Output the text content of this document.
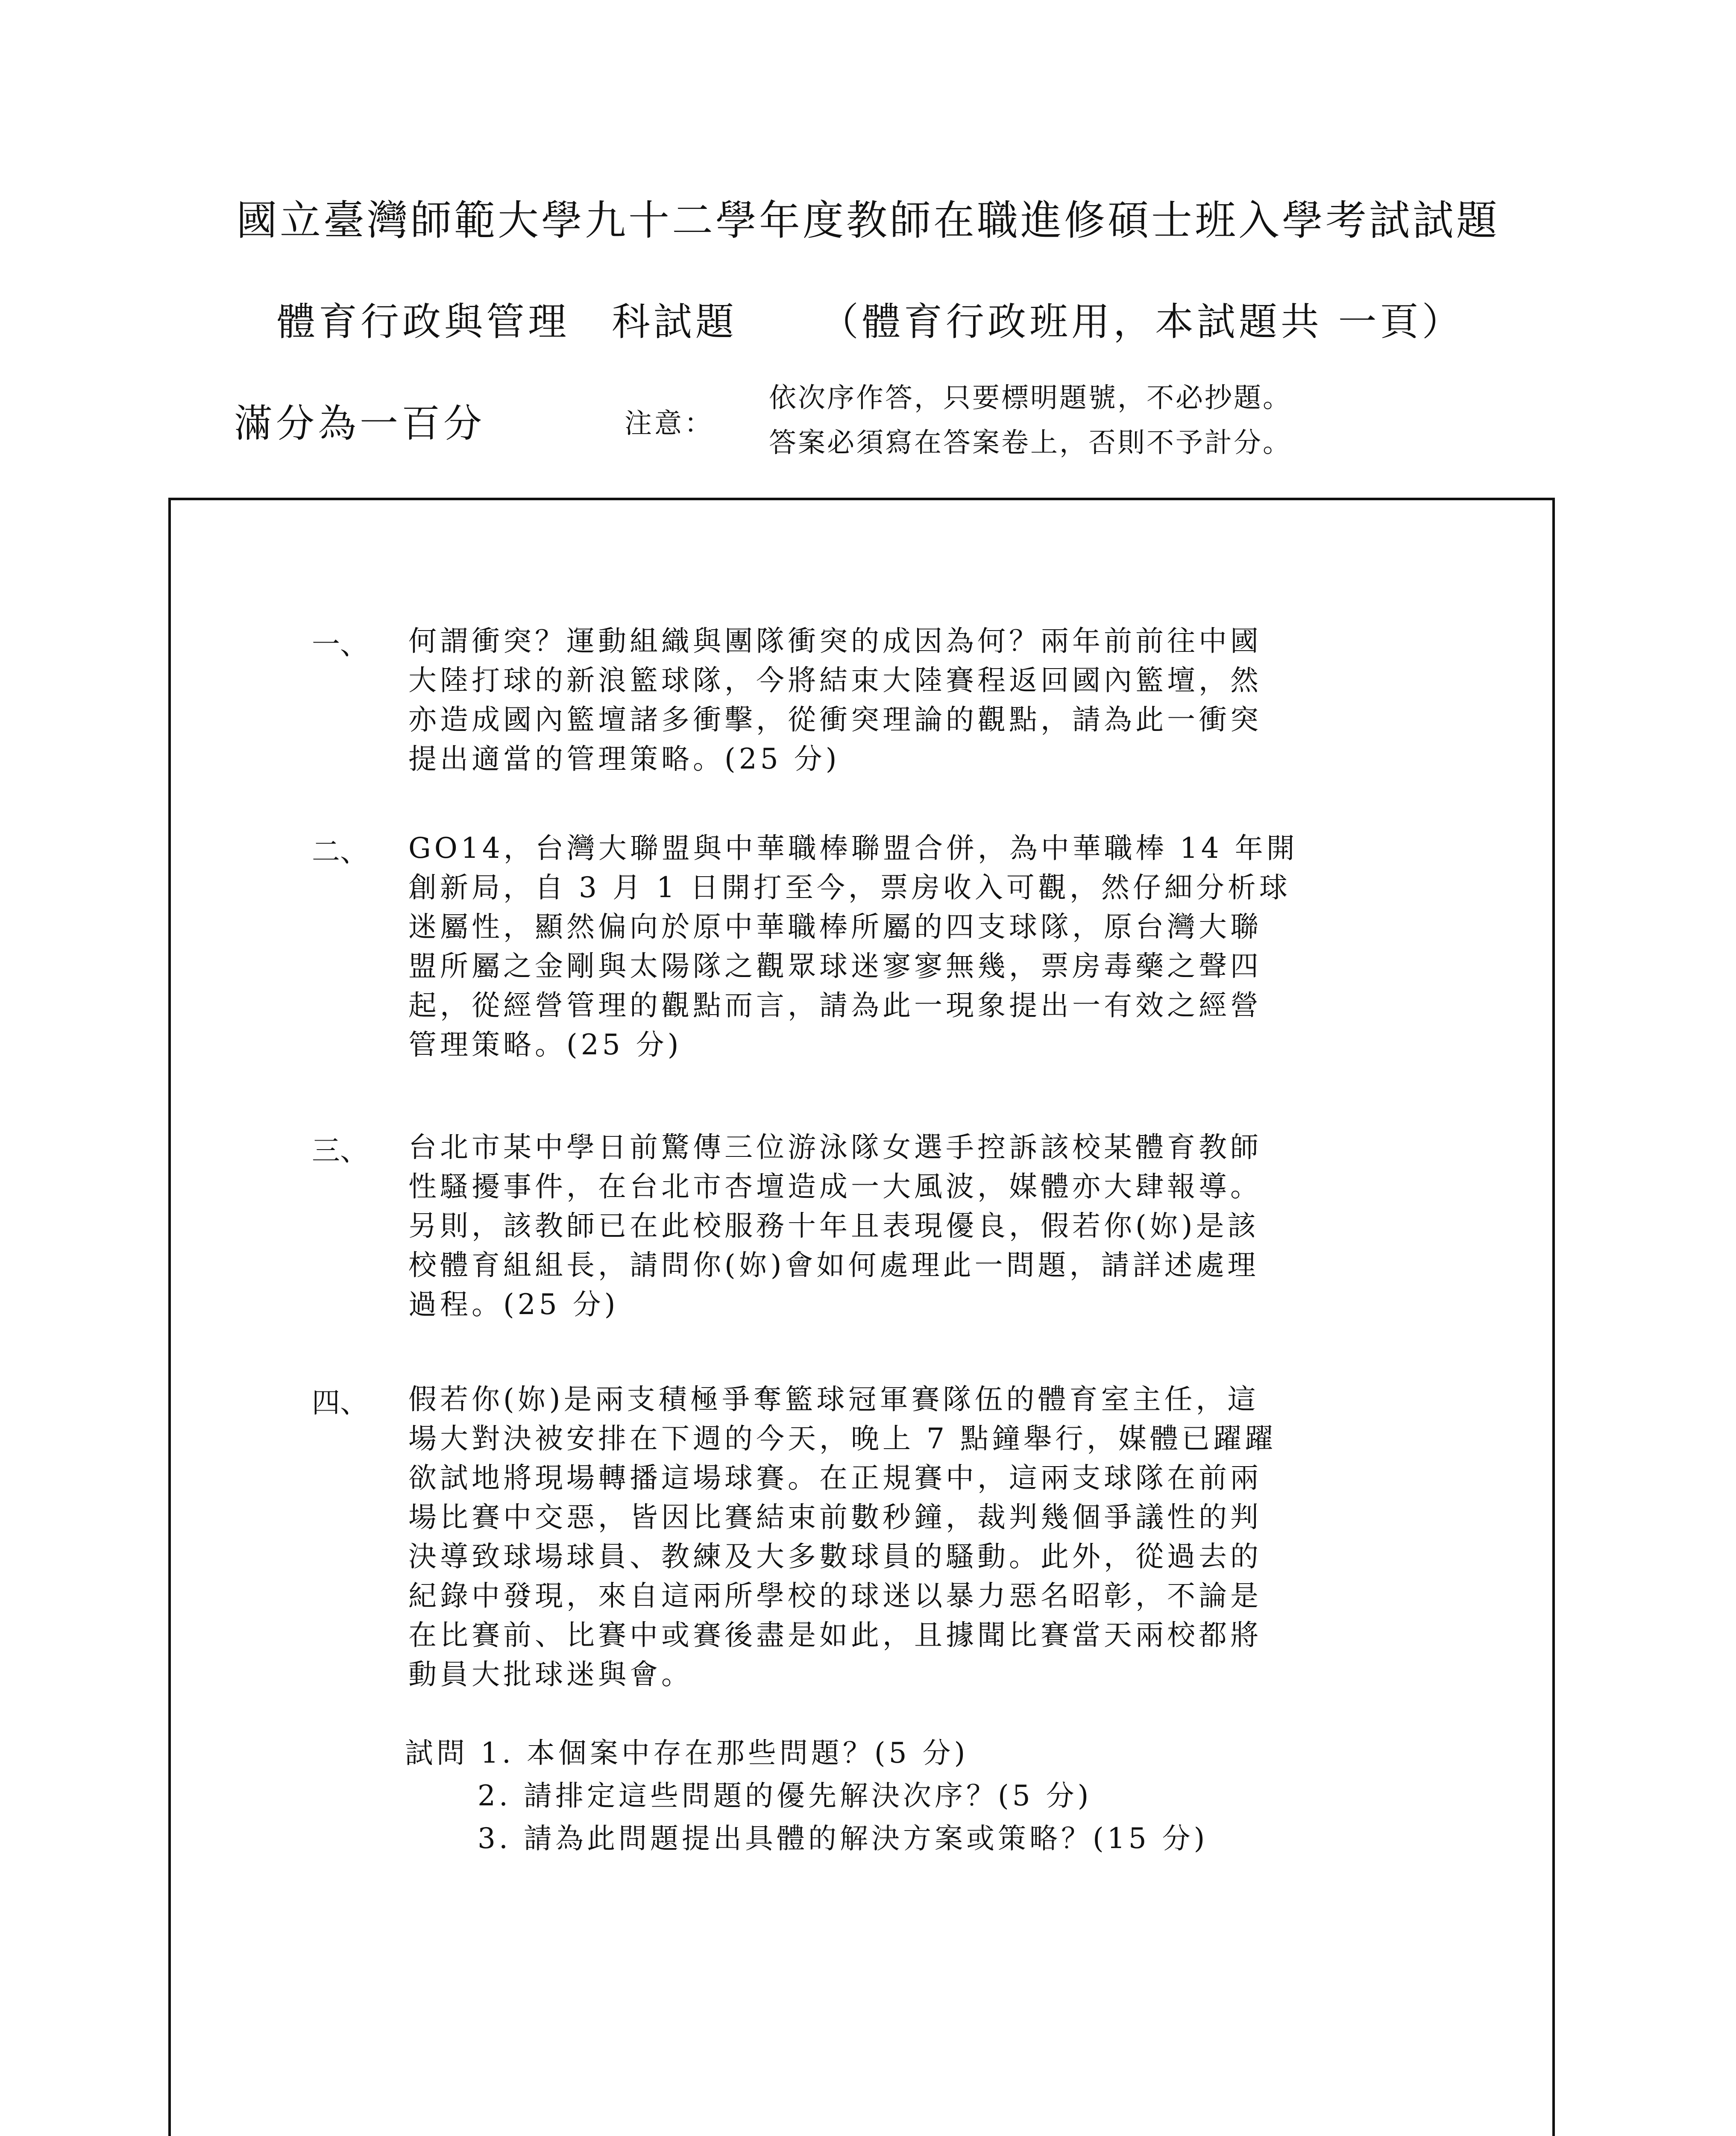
國立臺灣師範大學九十二學年度教師在職進修碩士班入學考試試題
體育行政與管理　科試題 （體育行政班用，本試題共 一頁）
滿分為一百分	注意：
依次序作答，只要標明題號，不必抄題。
答案必須寫在答案卷上，否則不予計分。
一、 何謂衝突？運動組織與團隊衝突的成因為何？兩年前前往中國
大陸打球的新浪籃球隊，今將結束大陸賽程返回國內籃壇，然
亦造成國內籃壇諸多衝擊，從衝突理論的觀點，請為此一衝突
提出適當的管理策略。(25 分)
二、 GO14，台灣大聯盟與中華職棒聯盟合併，為中華職棒 14 年開
創新局，自 3 月 1 日開打至今，票房收入可觀，然仔細分析球
迷屬性，顯然偏向於原中華職棒所屬的四支球隊，原台灣大聯
盟所屬之金剛與太陽隊之觀眾球迷寥寥無幾，票房毒藥之聲四
起，從經營管理的觀點而言，請為此一現象提出一有效之經營
管理策略。(25 分)
三、 台北市某中學日前驚傳三位游泳隊女選手控訴該校某體育教師
性騷擾事件，在台北市杏壇造成一大風波，媒體亦大肆報導。
另則，該教師已在此校服務十年且表現優良，假若你(妳)是該
校體育組組長，請問你(妳)會如何處理此一問題，請詳述處理
過程。(25 分)
四、 假若你(妳)是兩支積極爭奪籃球冠軍賽隊伍的體育室主任，這
場大對決被安排在下週的今天，晚上 7 點鐘舉行，媒體已躍躍
欲試地將現場轉播這場球賽。在正規賽中，這兩支球隊在前兩
場比賽中交惡，皆因比賽結束前數秒鐘，裁判幾個爭議性的判
決導致球場球員、教練及大多數球員的騷動。此外，從過去的
紀錄中發現，來自這兩所學校的球迷以暴力惡名昭彰，不論是
在比賽前、比賽中或賽後盡是如此，且據聞比賽當天兩校都將
動員大批球迷與會。
試問 1. 本個案中存在那些問題？(5 分)
2. 請排定這些問題的優先解決次序？(5 分)
3. 請為此問題提出具體的解決方案或策略？(15 分)
